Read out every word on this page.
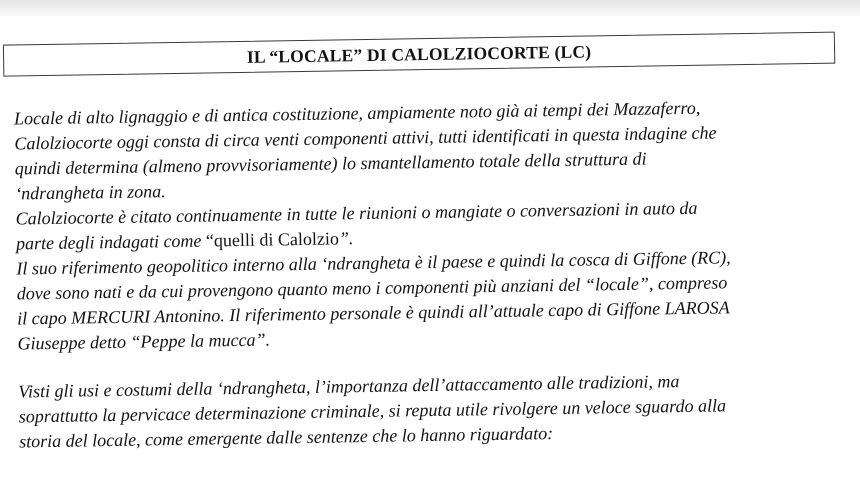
IL “LOCALE” DI CALOLZIOCORTE (LC)

Locale di alto lignaggio e di antica costituzione, ampiamente noto già ai tempi dei Mazzaferro,
Calolziocorte oggi consta di circa venti componenti attivi, tutti identificati in questa indagine che
quindi determina (almeno provvisoriamente) lo smantellamento totale della struttura di
‘ndrangheta in zona.

Calolziocorte è citato continuamente in tutte le riunioni o mangiate o conversazioni in auto da
parte degli indagati come “quelli di Calolzio”.

Il suo riferimento geopolitico interno alla ‘ndrangheta è il paese e quindi la cosca di Giffone (RC),
dove sono nati e da cui provengono quanto meno i componenti più anziani del “locale”, compreso
il capo MERCURI Antonino. Il riferimento personale è quindi all’attuale capo di Giffone LAROSA
Giuseppe detto “Peppe la mucca”.

Visti gli usi e costumi della ‘ndrangheta, l’importanza dell’attaccamento alle tradizioni, ma
soprattutto la pervicace determinazione criminale, si reputa utile rivolgere un veloce sguardo alla
storia del locale, come emergente dalle sentenze che lo hanno riguardato:
